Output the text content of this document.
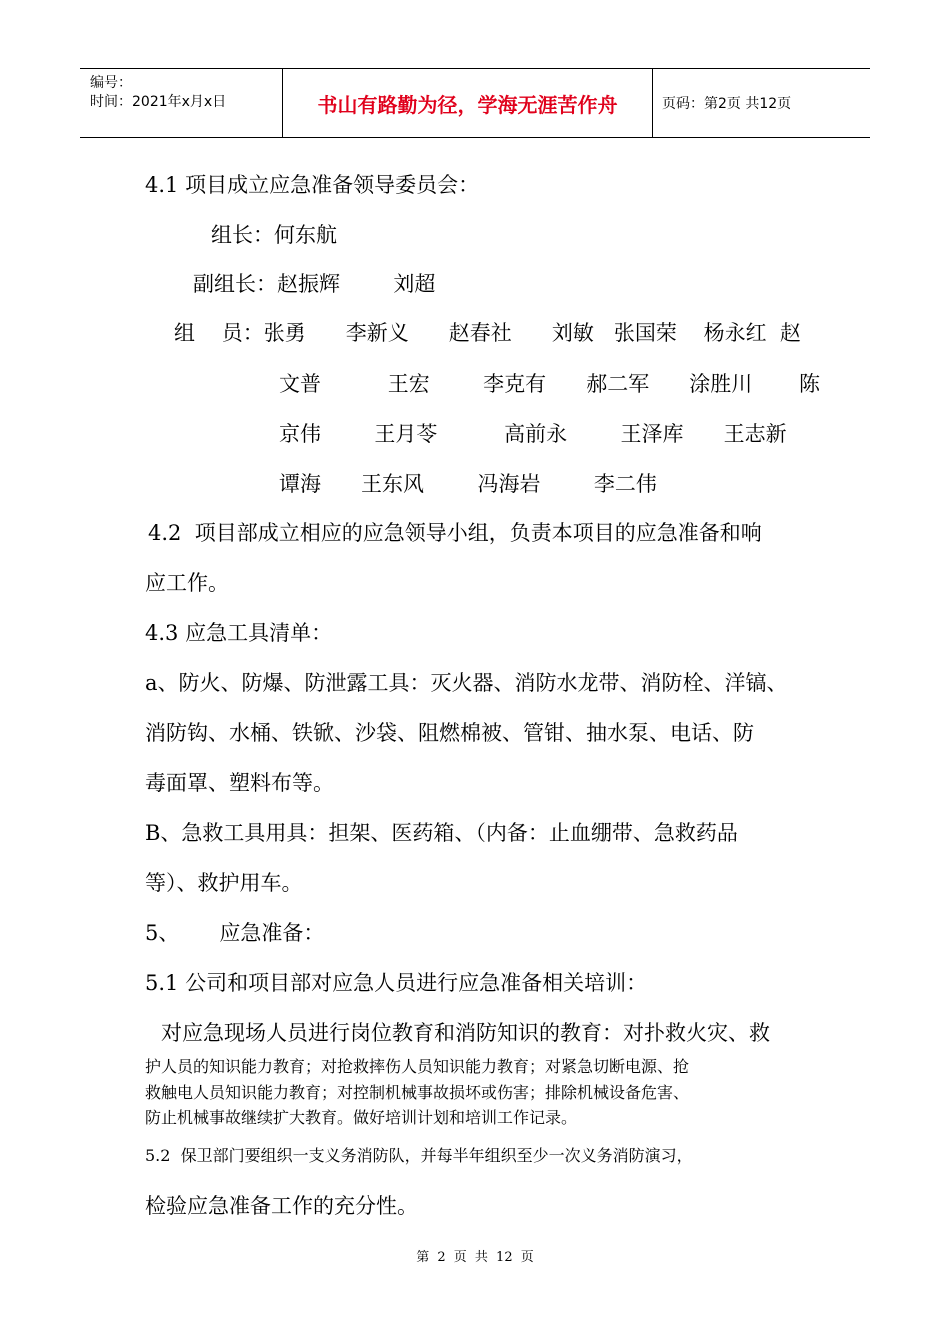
编号：
时间：2021年x月x日	书山有路勤为径，学海无涯苦作舟	页码：第2页 共12页
4.1 项目成立应急准备领导委员会：
组长：何东航
副组长：赵振辉        刘超
组    员：张勇      李新义      赵春社      刘敏   张国荣    杨永红  赵
文普          王宏        李克有      郝二军      涂胜川       陈
京伟        王月苓          高前永        王泽库      王志新
谭海      王东风        冯海岩        李二伟
4.2  项目部成立相应的应急领导小组，负责本项目的应急准备和响
应工作。
4.3 应急工具清单：
a、防火、防爆、防泄露工具：灭火器、消防水龙带、消防栓、洋镐、
消防钩、水桶、铁锨、沙袋、阻燃棉被、管钳、抽水泵、电话、防
毒面罩、塑料布等。
B、急救工具用具：担架、医药箱、（内备：止血绷带、急救药品
等）、救护用车。
5、      应急准备：
5.1 公司和项目部对应急人员进行应急准备相关培训：
对应急现场人员进行岗位教育和消防知识的教育：对扑救火灾、救
护人员的知识能力教育；对抢救摔伤人员知识能力教育；对紧急切断电源、抢
救触电人员知识能力教育；对控制机械事故损坏或伤害；排除机械设备危害、
防止机械事故继续扩大教育。做好培训计划和培训工作记录。
5.2  保卫部门要组织一支义务消防队，并每半年组织至少一次义务消防演习，
检验应急准备工作的充分性。
第 2 页 共 12 页
